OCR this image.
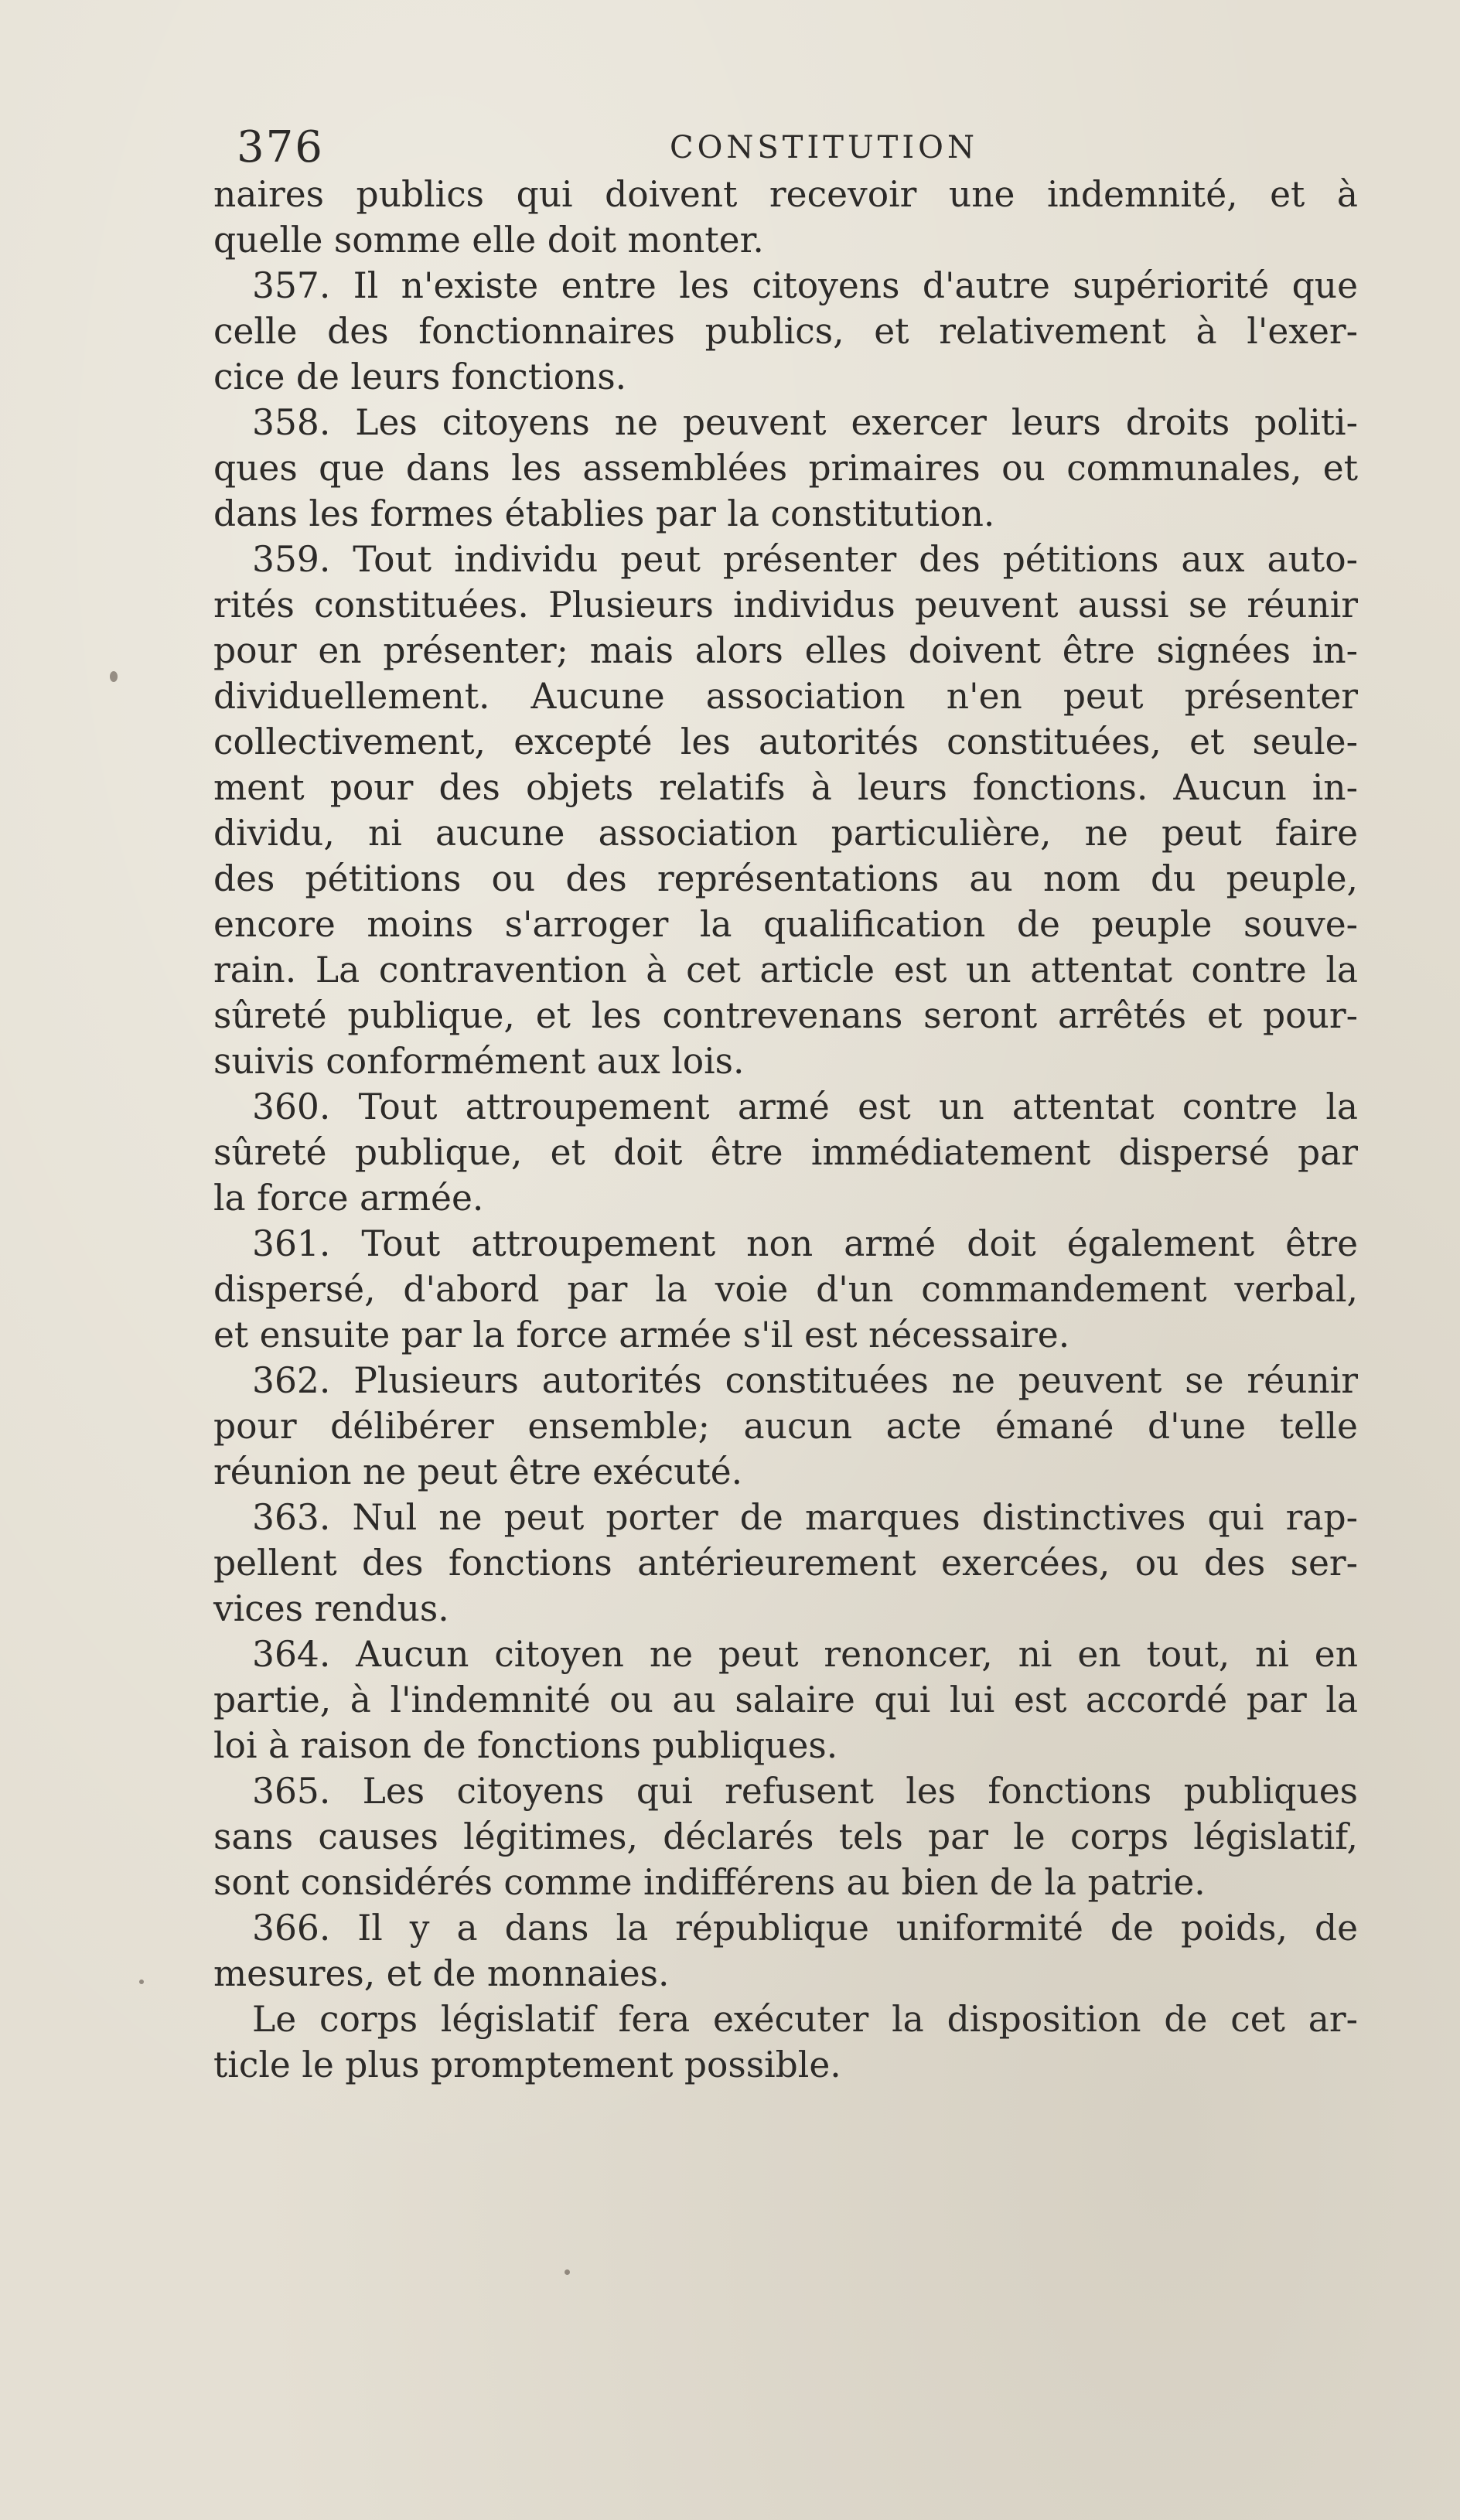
376	CONSTITUTION
naires publics qui doivent recevoir une indemnité, et à
quelle somme elle doit monter.
357. Il n'existe entre les citoyens d'autre supériorité que
celle des fonctionnaires publics, et relativement à l'exer-
cice de leurs fonctions.
358. Les citoyens ne peuvent exercer leurs droits politi-
ques que dans les assemblées primaires ou communales, et
dans les formes établies par la constitution.
359. Tout individu peut présenter des pétitions aux auto-
rités constituées. Plusieurs individus peuvent aussi se réunir
pour en présenter; mais alors elles doivent être signées in-
dividuellement. Aucune association n'en peut présenter
collectivement, excepté les autorités constituées, et seule-
ment pour des objets relatifs à leurs fonctions. Aucun in-
dividu, ni aucune association particulière, ne peut faire
des pétitions ou des représentations au nom du peuple,
encore moins s'arroger la qualification de peuple souve-
rain. La contravention à cet article est un attentat contre la
sûreté publique, et les contrevenans seront arrêtés et pour-
suivis conformément aux lois.
360. Tout attroupement armé est un attentat contre la
sûreté publique, et doit être immédiatement dispersé par
la force armée.
361. Tout attroupement non armé doit également être
dispersé, d'abord par la voie d'un commandement verbal,
et ensuite par la force armée s'il est nécessaire.
362. Plusieurs autorités constituées ne peuvent se réunir
pour délibérer ensemble; aucun acte émané d'une telle
réunion ne peut être exécuté.
363. Nul ne peut porter de marques distinctives qui rap-
pellent des fonctions antérieurement exercées, ou des ser-
vices rendus.
364. Aucun citoyen ne peut renoncer, ni en tout, ni en
partie, à l'indemnité ou au salaire qui lui est accordé par la
loi à raison de fonctions publiques.
365. Les citoyens qui refusent les fonctions publiques
sans causes légitimes, déclarés tels par le corps législatif,
sont considérés comme indifférens au bien de la patrie.
366. Il y a dans la république uniformité de poids, de
mesures, et de monnaies.
Le corps législatif fera exécuter la disposition de cet ar-
ticle le plus promptement possible.
